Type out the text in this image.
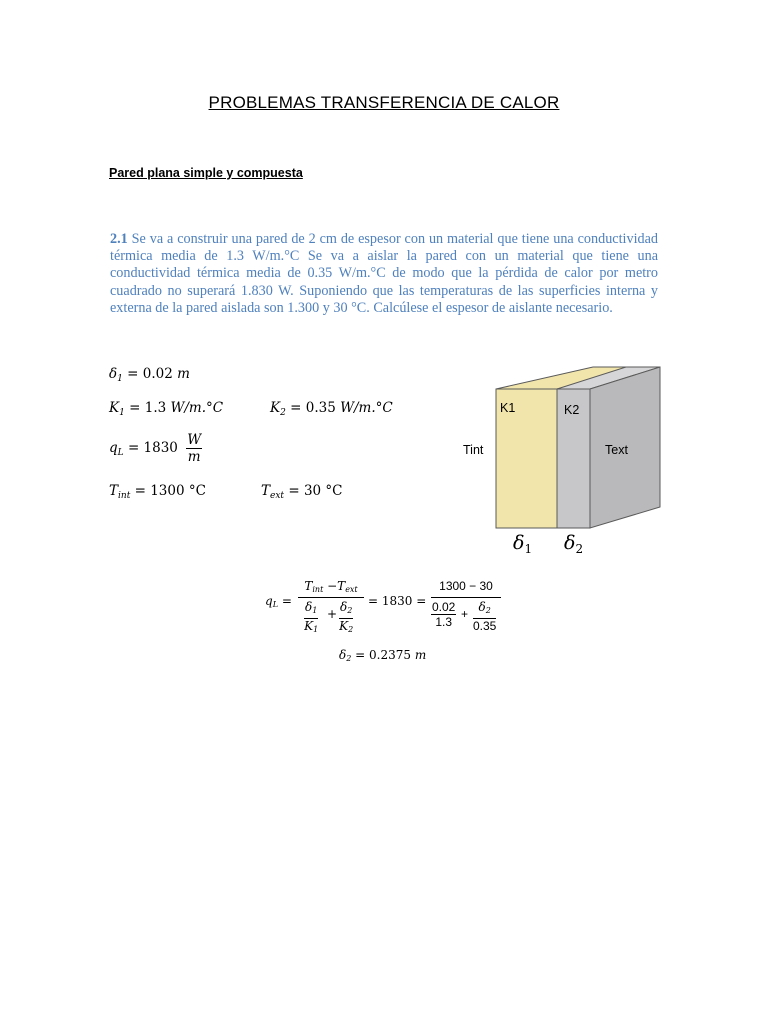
PROBLEMAS TRANSFERENCIA DE CALOR
Pared plana simple y compuesta
2.1 Se va a construir una pared de 2 cm de espesor con un material que tiene una conductividad térmica media de 1.3 W/m.°C Se va a aislar la pared con un material que tiene una conductividad térmica media de 0.35 W/m.°C de modo que la pérdida de calor por metro cuadrado no superará 1.830 W. Suponiendo que las temperaturas de las superficies interna y externa de la pared aislada son 1.300 y 30 °C. Calcúlese el espesor de aislante necesario.
$\delta_1 = 0.02$ m
$K_1 = 1.3$ W/m.°C	$K_2 = 0.35$ W/m.°C
$q_L = 1830 \frac{W}{m}$
$T_{int} = 1300$ °C	$T_{ext} = 30$ °C
K1	K2
Tint	Text
$\delta_1$ $\delta_2$
$q_L$ =
$T_{int} -T_{ext}$
$\frac{\delta_1}{K_1} + \frac{\delta_2}{K_2} = 1830$ =
1300 − 30
$\frac{0.02}{1.3} + \frac{\delta_2}{0.35}$
$\delta_2 = 0.2375$ m
